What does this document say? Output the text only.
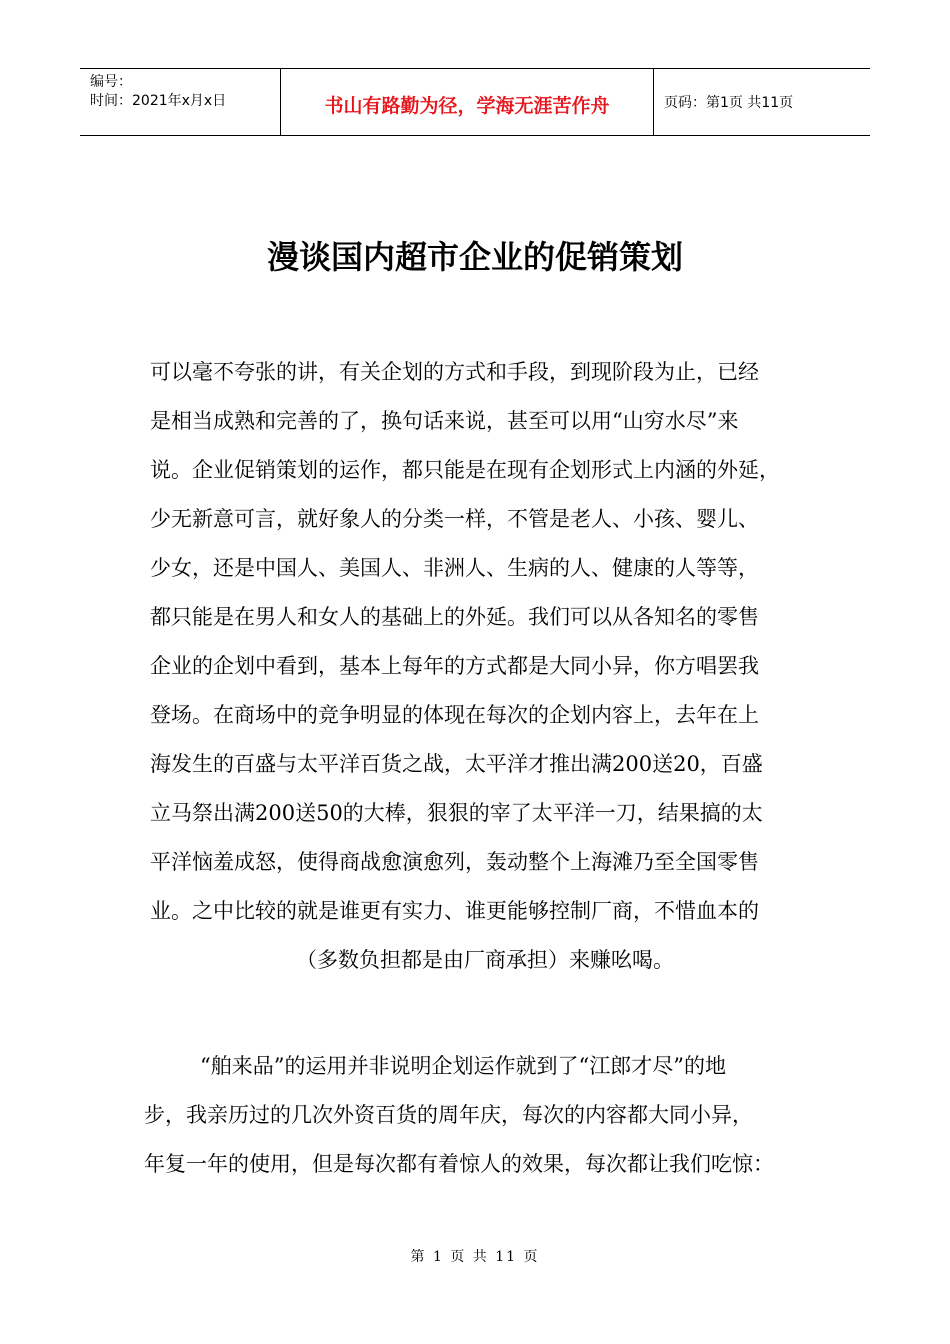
编号：
时间：2021年x月x日	书山有路勤为径，学海无涯苦作舟	页码：第1页 共11页
漫谈国内超市企业的促销策划
可以毫不夸张的讲，有关企划的方式和手段，到现阶段为止，已经
是相当成熟和完善的了，换句话来说，甚至可以用“山穷水尽”来
说。企业促销策划的运作，都只能是在现有企划形式上内涵的外延，
少无新意可言，就好象人的分类一样，不管是老人、小孩、婴儿、
少女，还是中国人、美国人、非洲人、生病的人、健康的人等等，
都只能是在男人和女人的基础上的外延。我们可以从各知名的零售
企业的企划中看到，基本上每年的方式都是大同小异，你方唱罢我
登场。在商场中的竞争明显的体现在每次的企划内容上，去年在上
海发生的百盛与太平洋百货之战，太平洋才推出满200送20，百盛
立马祭出满200送50的大棒，狠狠的宰了太平洋一刀，结果搞的太
平洋恼羞成怒，使得商战愈演愈列，轰动整个上海滩乃至全国零售
业。之中比较的就是谁更有实力、谁更能够控制厂商，不惜血本的
（多数负担都是由厂商承担）来赚吆喝。
“舶来品”的运用并非说明企划运作就到了“江郎才尽”的地
步，我亲历过的几次外资百货的周年庆，每次的内容都大同小异，
年复一年的使用，但是每次都有着惊人的效果，每次都让我们吃惊：
第 1 页 共 11 页
